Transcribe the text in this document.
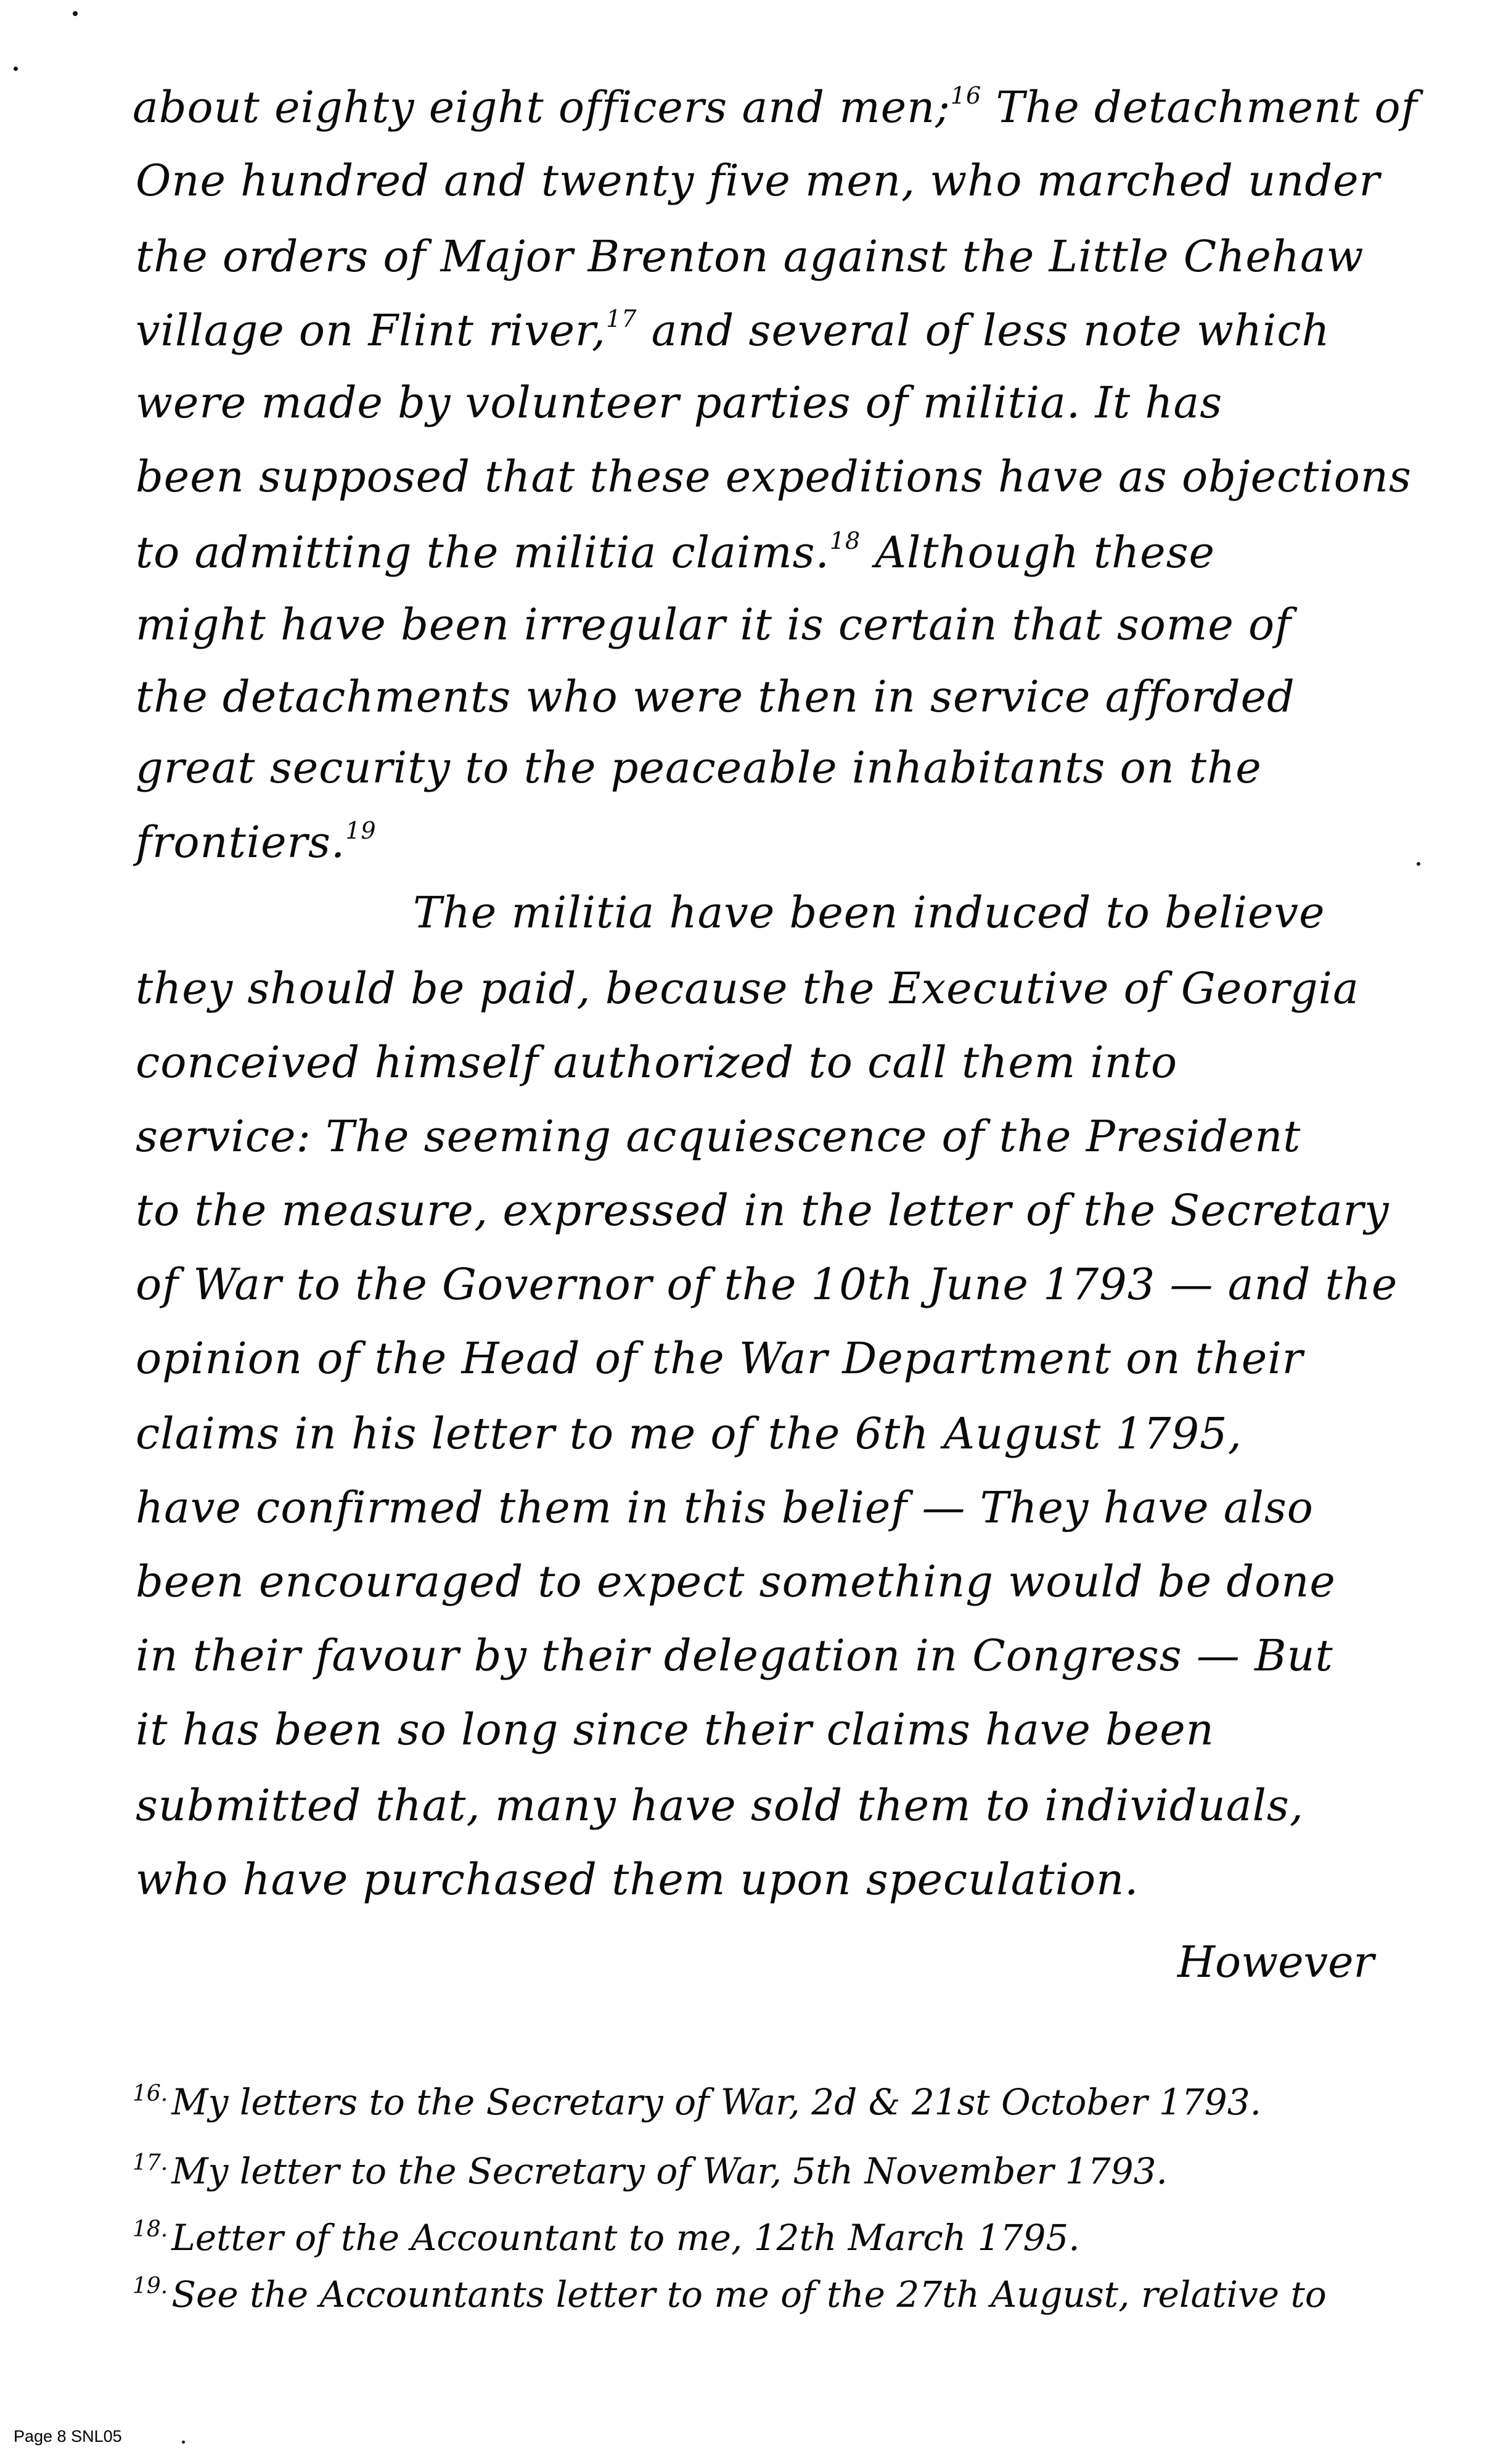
about eighty eight officers and men;$^{16}$ The detachment of
One hundred and twenty five men, who marched under
the orders of Major Brenton against the Little Chehaw
village on Flint river,$^{17}$ and several of less note which
were made by volunteer parties of militia. It has
been supposed that these expeditions have as objections
to admitting the militia claims.$^{18}$ Although these
might have been irregular it is certain that some of
the detachments who were then in service afforded
great security to the peaceable inhabitants on the
frontiers.$^{19}$
The militia have been induced to believe
they should be paid, because the Executive of Georgia
conceived himself authorized to call them into
service: The seeming acquiescence of the President
to the measure, expressed in the letter of the Secretary
of War to the Governor of the 10th June 1793 — and the
opinion of the Head of the War Department on their
claims in his letter to me of the 6th August 1795,
have confirmed them in this belief — They have also
been encouraged to expect something would be done
in their favour by their delegation in Congress — But
it has been so long since their claims have been
submitted that, many have sold them to individuals,
who have purchased them upon speculation.
However
$^{16.}$ My letters to the Secretary of War, 2d & 21st October 1793.
$^{17.}$ My letter to the Secretary of War, 5th November 1793.
$^{18.}$ Letter of the Accountant to me, 12th March 1795.
$^{19.}$ See the Accountants letter to me of the 27th August, relative to
Page 8 SNL05
